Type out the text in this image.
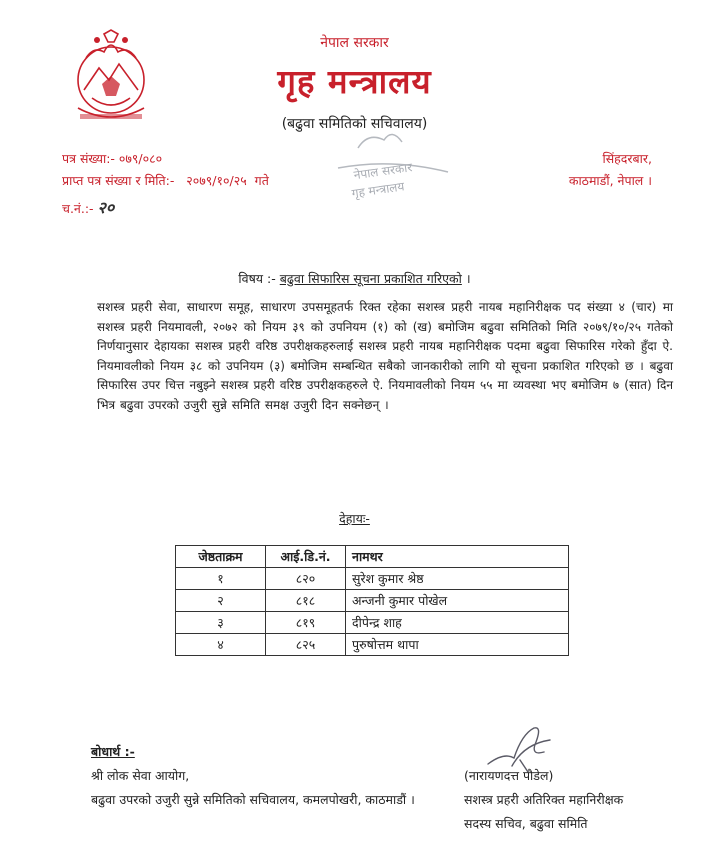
नेपाल सरकार
गृह मन्त्रालय
(बढुवा समितिको सचिवालय)
पत्र संख्या:- ०७९/०८०
प्राप्त पत्र संख्या र मिति:-   २०७९/१०/२५  गते
च.नं.:- २०
सिंहदरबार,
काठमाडौं, नेपाल ।
नेपाल सरकार
गृह मन्त्रालय
विषय :- बढुवा सिफारिस सूचना प्रकाशित गरिएको ।
सशस्त्र प्रहरी सेवा, साधारण समूह, साधारण उपसमूहतर्फ रिक्त रहेका सशस्त्र प्रहरी नायब महानिरीक्षक पद संख्या ४ (चार) मा सशस्त्र प्रहरी नियमावली, २०७२ को नियम ३९ को उपनियम (१) को (ख) बमोजिम बढुवा समितिको मिति २०७९/१०/२५ गतेको निर्णयानुसार देहायका सशस्त्र प्रहरी वरिष्ठ उपरीक्षकहरुलाई सशस्त्र प्रहरी नायब महानिरीक्षक पदमा बढुवा सिफारिस गरेको हुँदा ऐ. नियमावलीको नियम ३८ को उपनियम (३) बमोजिम सम्बन्धित सबैको जानकारीको लागि यो सूचना प्रकाशित गरिएको छ । बढुवा सिफारिस उपर चित्त नबुझ्ने सशस्त्र प्रहरी वरिष्ठ उपरीक्षकहरुले ऐ. नियमावलीको नियम ५५ मा व्यवस्था भए बमोजिम ७ (सात) दिन भित्र बढुवा उपरको उजुरी सुन्ने समिति समक्ष उजुरी दिन सक्नेछन् ।
देहायः-
जेष्ठताक्रम	आई.डि.नं.	नामथर
१	८२०	सुरेश कुमार श्रेष्ठ
२	८१८	अन्जनी कुमार पोखेल
३	८१९	दीपेन्द्र शाह
४	८२५	पुरुषोत्तम थापा
बोधार्थ :-
श्री लोक सेवा आयोग,
बढुवा उपरको उजुरी सुन्ने समितिको सचिवालय, कमलपोखरी, काठमाडौं ।
(नारायणदत्त पौडेल)
सशस्त्र प्रहरी अतिरिक्त महानिरीक्षक
सदस्य सचिव, बढुवा समिति
